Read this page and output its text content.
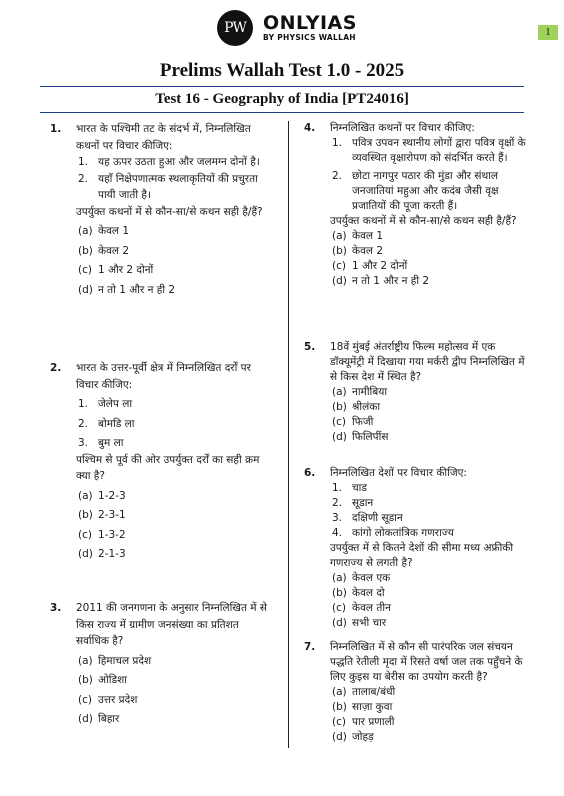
PW ONLYIAS
BY PHYSICS WALLAH	1
Prelims Wallah Test 1.0 - 2025
Test 16 - Geography of India [PT24016]
1. भारत के पश्चिमी तट के संदर्भ में, निम्नलिखित कथनों पर विचार कीजिए:
1. यह ऊपर उठता हुआ और जलमग्न दोनों है।
2. यहाँ निक्षेपणात्मक स्थलाकृतियों की प्रचुरता पायी जाती है।
उपर्युक्त कथनों में से कौन-सा/से कथन सही है/हैं?
(a) केवल 1
(b) केवल 2
(c) 1 और 2 दोनों
(d) न तो 1 और न ही 2
2. भारत के उत्तर-पूर्वी क्षेत्र में निम्नलिखित दर्रों पर विचार कीजिए:
1. जेलेप ला
2. बोमडि ला
3. बुम ला
पश्चिम से पूर्व की ओर उपर्युक्त दर्रों का सही क्रम क्या है?
(a) 1-2-3
(b) 2-3-1
(c) 1-3-2
(d) 2-1-3
3. 2011 की जनगणना के अनुसार निम्नलिखित में से किस राज्य में ग्रामीण जनसंख्या का प्रतिशत सर्वाधिक है?
(a) हिमाचल प्रदेश
(b) ओडिशा
(c) उत्तर प्रदेश
(d) बिहार
4. निम्नलिखित कथनों पर विचार कीजिए:
1. पवित्र उपवन स्थानीय लोगों द्वारा पवित्र वृक्षों के व्यवस्थित वृक्षारोपण को संदर्भित करते हैं।
2. छोटा नागपुर पठार की मुंडा और संथाल जनजातियां महुआ और कदंब जैसी वृक्ष प्रजातियों की पूजा करती हैं।
उपर्युक्त कथनों में से कौन-सा/से कथन सही है/हैं?
(a) केवल 1
(b) केवल 2
(c) 1 और 2 दोनों
(d) न तो 1 और न ही 2
5. 18वें मुंबई अंतर्राष्ट्रीय फिल्म महोत्सव में एक डॉक्यूमेंट्री में दिखाया गया मर्करी द्वीप निम्नलिखित में से किस देश में स्थित है?
(a) नामीबिया
(b) श्रीलंका
(c) फिजी
(d) फिलिपींस
6. निम्नलिखित देशों पर विचार कीजिए:
1. चाड
2. सूडान
3. दक्षिणी सूडान
4. कांगो लोकतांत्रिक गणराज्य
उपर्युक्त में से कितने देशों की सीमा मध्य अफ्रीकी गणराज्य से लगती है?
(a) केवल एक
(b) केवल दो
(c) केवल तीन
(d) सभी चार
7. निम्नलिखित में से कौन सी पारंपरिक जल संचयन पद्धति रेतीली मृदा में रिसते वर्षा जल तक पहुँचने के लिए कुइस या बेरीस का उपयोग करती है?
(a) तालाब/बंधी
(b) साज़ा कुवा
(c) पार प्रणाली
(d) जोहड़
